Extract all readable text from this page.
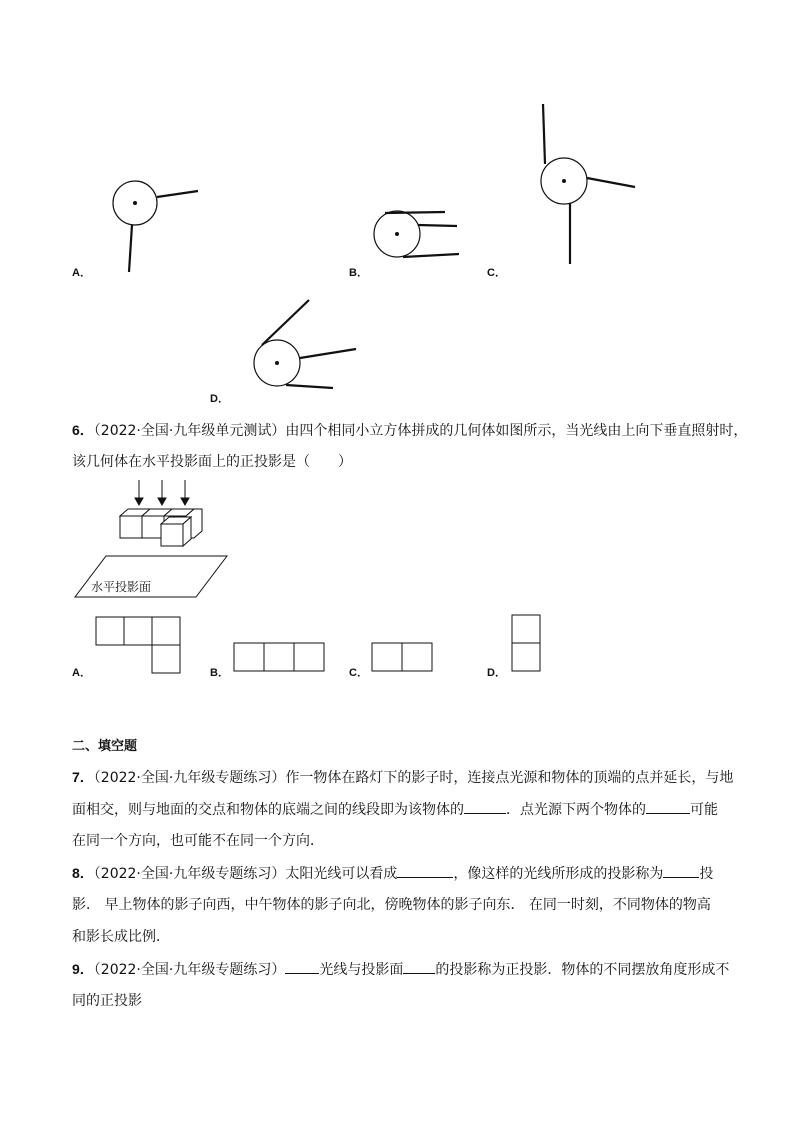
A．	B．	C．
D．
6．（2022·全国·九年级单元测试）由四个相同小立方体拼成的几何体如图所示，当光线由上向下垂直照射时，
该几何体在水平投影面上的正投影是（　　）
水平投影面
A．	B．	C．	D．
二、填空题
7．（2022·全国·九年级专题练习）作一物体在路灯下的影子时，连接点光源和物体的顶端的点并延长，与地
面相交，则与地面的交点和物体的底端之间的线段即为该物体的	．点光源下两个物体的	可能
在同一个方向，也可能不在同一个方向．
8．（2022·全国·九年级专题练习）太阳光线可以看成	，像这样的光线所形成的投影称为	投
影． 早上物体的影子向西，中午物体的影子向北，傍晚物体的影子向东． 在同一时刻，不同物体的物高
和影长成比例．
9．（2022·全国·九年级专题练习） 光线与投影面 的投影称为正投影．物体的不同摆放角度形成不
同的正投影
